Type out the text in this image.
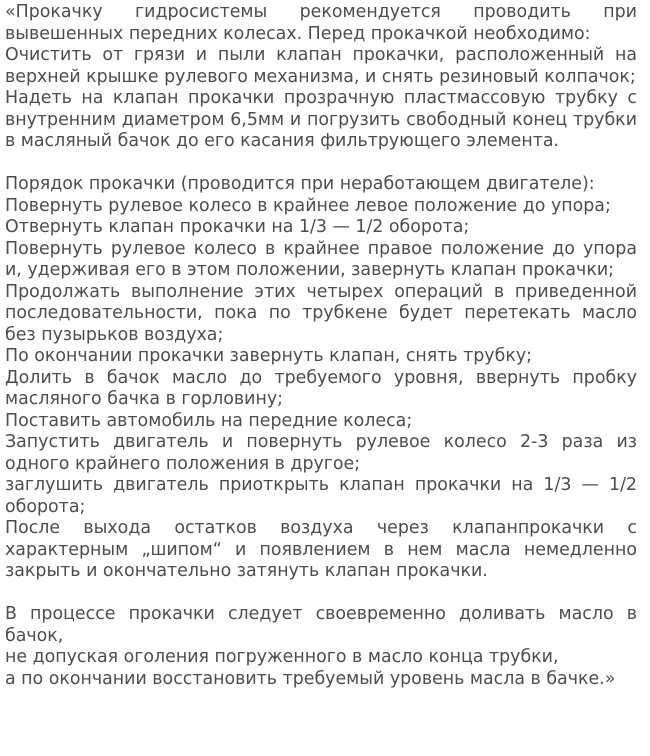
«Прокачку гидросистемы рекомендуется проводить при вывешенных передних колесах. Перед прокачкой необходимо:

Очистить от грязи и пыли клапан прокачки, расположенный на верхней крышке рулевого механизма, и снять резиновый колпачок;

Надеть на клапан прокачки прозрачную пластмассовую трубку с внутренним диаметром 6,5мм и погрузить свободный конец трубки в масляный бачок до его касания фильтрующего элемента.

Порядок прокачки (проводится при неработающем двигателе):

Повернуть рулевое колесо в крайнее левое положение до упора;

Отвернуть клапан прокачки на 1/3 — 1/2 оборота;

Повернуть рулевое колесо в крайнее правое положение до упора и, удерживая его в этом положении, завернуть клапан прокачки;

Продолжать выполнение этих четырех операций в приведенной последовательности, пока по трубкене будет перетекать масло без пузырьков воздуха;

По окончании прокачки завернуть клапан, снять трубку;

Долить в бачок масло до требуемого уровня, ввернуть пробку масляного бачка в горловину;

Поставить автомобиль на передние колеса;

Запустить двигатель и повернуть рулевое колесо 2-3 раза из одного крайнего положения в другое;

заглушить двигатель приоткрыть клапан прокачки на 1/3 — 1/2 оборота;

После выхода остатков воздуха через клапанпрокачки с характерным „шипом“ и появлением в нем масла немедленно закрыть и окончательно затянуть клапан прокачки.

В процессе прокачки следует своевременно доливать масло в бачок,

не допуская оголения погруженного в масло конца трубки,

а по окончании восстановить требуемый уровень масла в бачке.»
